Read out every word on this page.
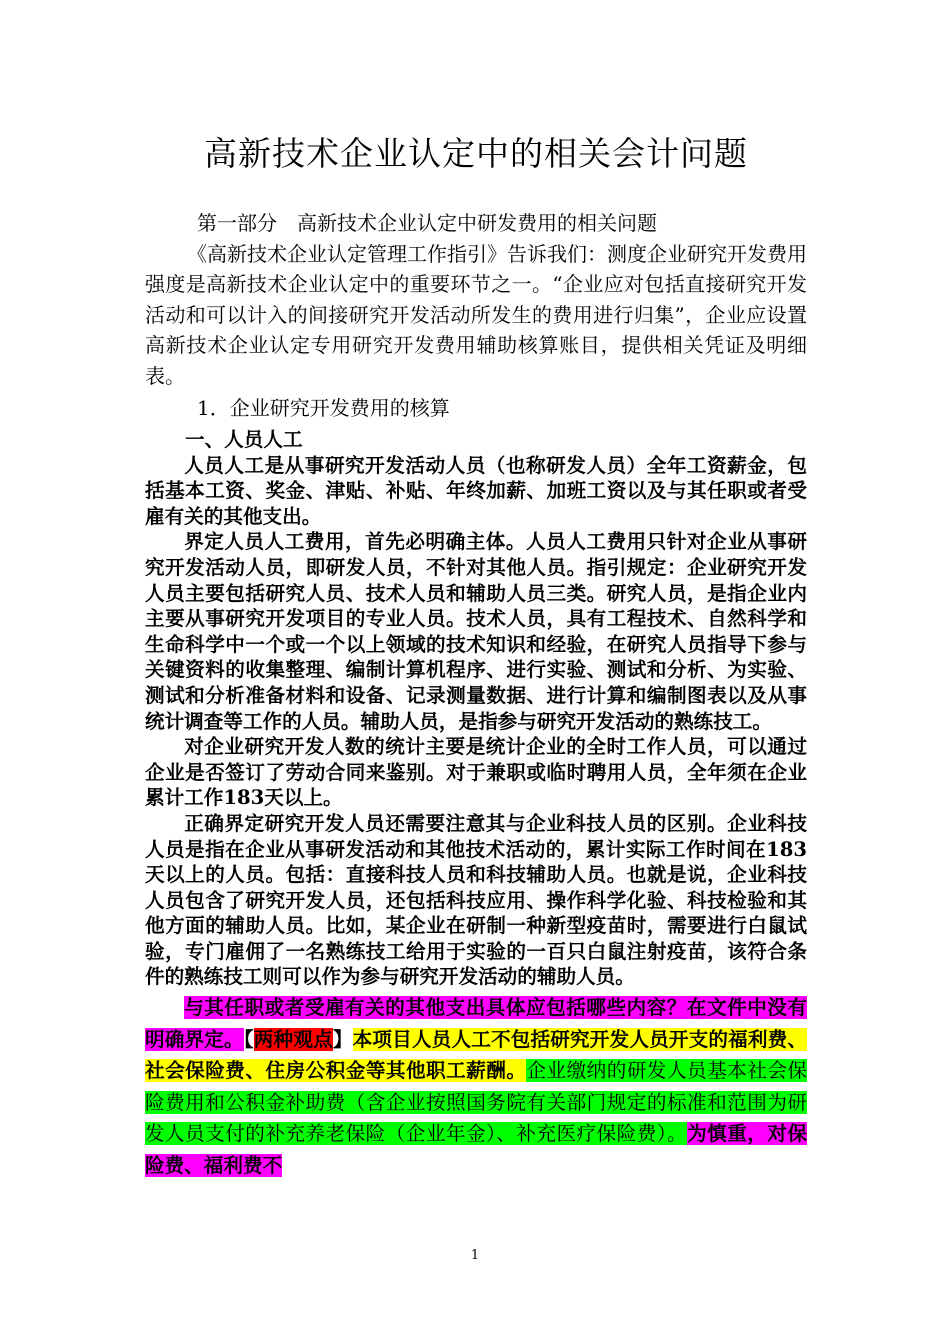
高新技术企业认定中的相关会计问题

第一部分　高新技术企业认定中研发费用的相关问题

《高新技术企业认定管理工作指引》告诉我们：测度企业研究开发费用强度是高新技术企业认定中的重要环节之一。“企业应对包括直接研究开发活动和可以计入的间接研究开发活动所发生的费用进行归集”，企业应设置高新技术企业认定专用研究开发费用辅助核算账目，提供相关凭证及明细表。

1．企业研究开发费用的核算

一、人员人工

人员人工是从事研究开发活动人员（也称研发人员）全年工资薪金，包括基本工资、奖金、津贴、补贴、年终加薪、加班工资以及与其任职或者受雇有关的其他支出。

界定人员人工费用，首先必明确主体。人员人工费用只针对企业从事研究开发活动人员，即研发人员，不针对其他人员。指引规定：企业研究开发人员主要包括研究人员、技术人员和辅助人员三类。研究人员，是指企业内主要从事研究开发项目的专业人员。技术人员，具有工程技术、自然科学和生命科学中一个或一个以上领域的技术知识和经验，在研究人员指导下参与关键资料的收集整理、编制计算机程序、进行实验、测试和分析、为实验、测试和分析准备材料和设备、记录测量数据、进行计算和编制图表以及从事统计调查等工作的人员。辅助人员，是指参与研究开发活动的熟练技工。

对企业研究开发人数的统计主要是统计企业的全时工作人员，可以通过企业是否签订了劳动合同来鉴别。对于兼职或临时聘用人员，全年须在企业累计工作183天以上。

正确界定研究开发人员还需要注意其与企业科技人员的区别。企业科技人员是指在企业从事研发活动和其他技术活动的，累计实际工作时间在183天以上的人员。包括：直接科技人员和科技辅助人员。也就是说，企业科技人员包含了研究开发人员，还包括科技应用、操作科学化验、科技检验和其他方面的辅助人员。比如，某企业在研制一种新型疫苗时，需要进行白鼠试验，专门雇佣了一名熟练技工给用于实验的一百只白鼠注射疫苗，该符合条件的熟练技工则可以作为参与研究开发活动的辅助人员。

与其任职或者受雇有关的其他支出具体应包括哪些内容？在文件中没有明确界定。【两种观点】本项目人员人工不包括研究开发人员开支的福利费、社会保险费、住房公积金等其他职工薪酬。企业缴纳的研发人员基本社会保险费用和公积金补助费（含企业按照国务院有关部门规定的标准和范围为研发人员支付的补充养老保险（企业年金）、补充医疗保险费）。为慎重，对保险费、福利费不

1
